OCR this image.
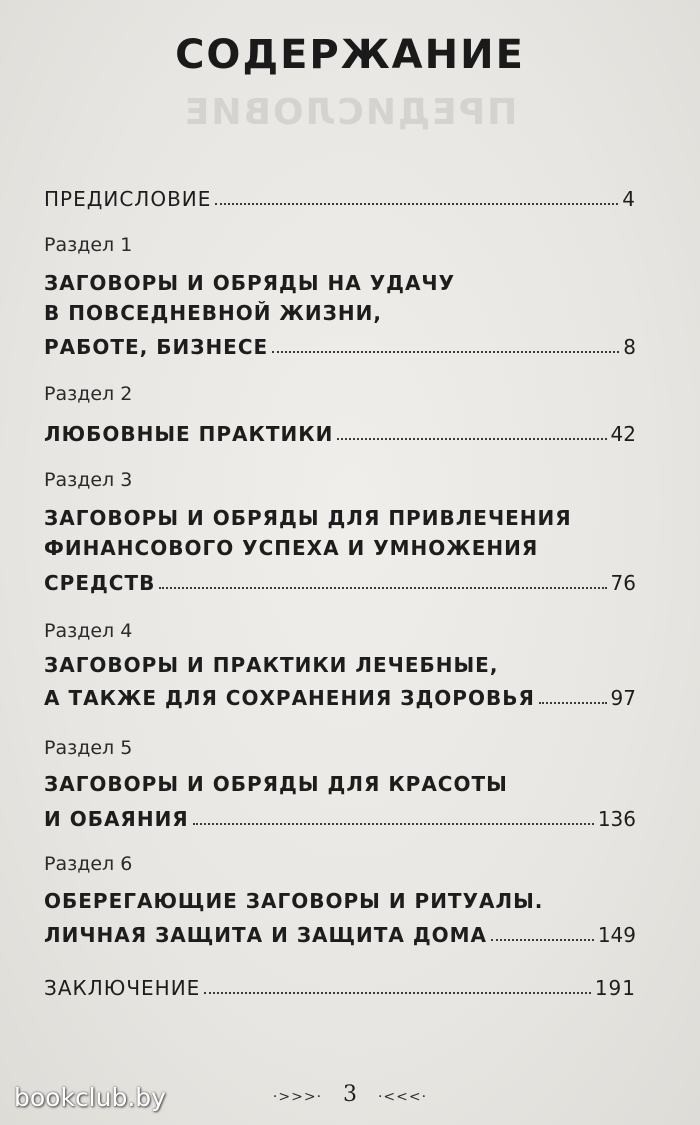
ПРЕДИСЛОВИЕ
СОДЕРЖАНИЕ
ПРЕДИСЛОВИЕ	4
Раздел 1
ЗАГОВОРЫ И ОБРЯДЫ НА УДАЧУ
В ПОВСЕДНЕВНОЙ ЖИЗНИ,
РАБОТЕ, БИЗНЕСЕ	8
Раздел 2
ЛЮБОВНЫЕ ПРАКТИКИ	42
Раздел 3
ЗАГОВОРЫ И ОБРЯДЫ ДЛЯ ПРИВЛЕЧЕНИЯ
ФИНАНСОВОГО УСПЕХА И УМНОЖЕНИЯ
СРЕДСТВ	76
Раздел 4
ЗАГОВОРЫ И ПРАКТИКИ ЛЕЧЕБНЫЕ,
А ТАКЖЕ ДЛЯ СОХРАНЕНИЯ ЗДОРОВЬЯ	97
Раздел 5
ЗАГОВОРЫ И ОБРЯДЫ ДЛЯ КРАСОТЫ
И ОБАЯНИЯ	136
Раздел 6
ОБЕРЕГАЮЩИЕ ЗАГОВОРЫ И РИТУАЛЫ.
ЛИЧНАЯ ЗАЩИТА И ЗАЩИТА ДОМА	149
ЗАКЛЮЧЕНИЕ	191
·>>>· 3 ·<<<·
bookclub.by
